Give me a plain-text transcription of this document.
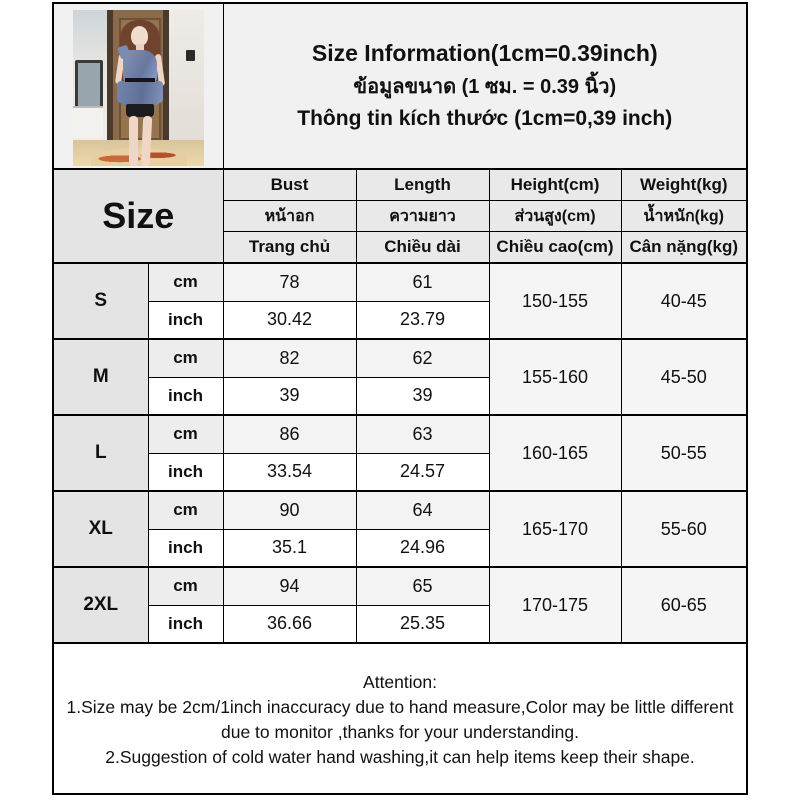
		Size Information(1cm=0.39inch)
ข้อมูลขนาด (1 ซม. = 0.39 นิ้ว)
Thông tin kích thước (1cm=0,39 inch)			

Size		Bust	Length	Height(cm)	Weight(kg)
		หน้าอก	ความยาว	ส่วนสูง(cm)	น้ำหนัก(kg)
		Trang chủ	Chiều dài	Chiều cao(cm)	Cân nặng(kg)
S	cm	78	61	150-155	40-45
	inch	30.42	23.79		
M	cm	82	62	155-160	45-50
	inch	39	39		
L	cm	86	63	160-165	50-55
	inch	33.54	24.57		
XL	cm	90	64	165-170	55-60
	inch	35.1	24.96		
2XL	cm	94	65	170-175	60-65
	inch	36.66	25.35		

Attention:
1.Size may be 2cm/1inch inaccuracy due to hand measure,Color may be little different due to monitor ,thanks for your understanding.
2.Suggestion of cold water hand washing,it can help items keep their shape.					
